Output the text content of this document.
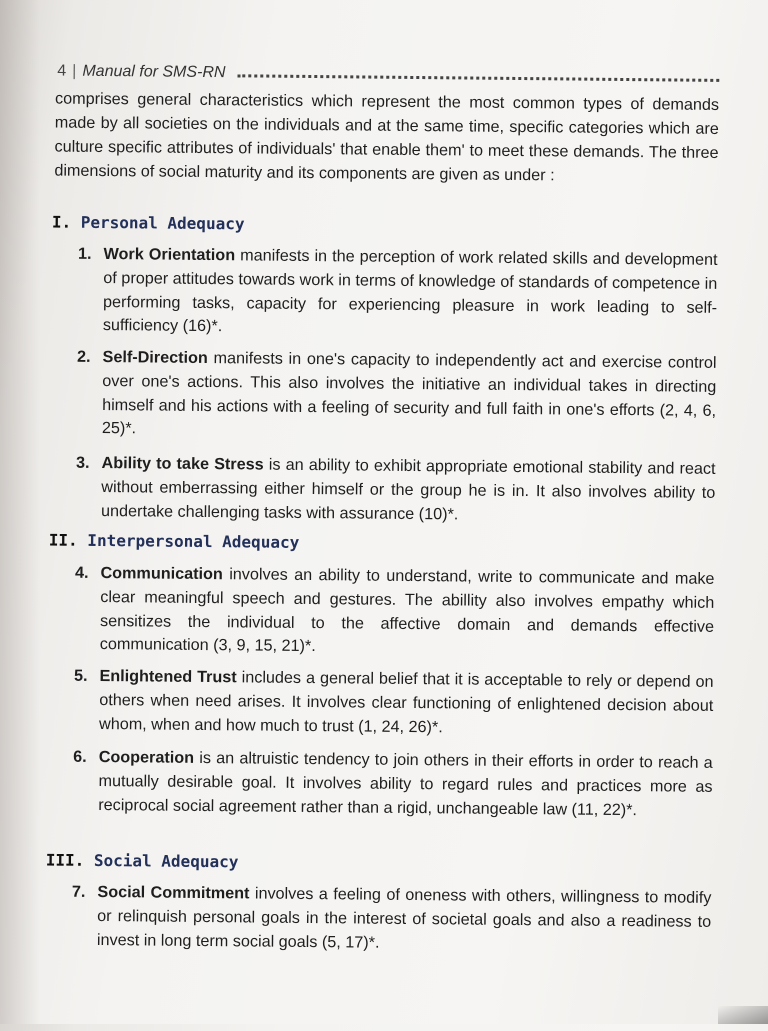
4 | Manual for SMS-RN

comprises general characteristics which represent the most common types of demands made by all societies on the individuals and at the same time, specific categories which are culture specific attributes of individuals' that enable them' to meet these demands. The three dimensions of social maturity and its components are given as under :

I. Personal Adequacy
1. Work Orientation manifests in the perception of work related skills and development of proper attitudes towards work in terms of knowledge of standards of competence in performing tasks, capacity for experiencing pleasure in work leading to self-sufficiency (16)*.
2. Self-Direction manifests in one's capacity to independently act and exercise control over one's actions. This also involves the initiative an individual takes in directing himself and his actions with a feeling of security and full faith in one's efforts (2, 4, 6, 25)*.
3. Ability to take Stress is an ability to exhibit appropriate emotional stability and react without emberrassing either himself or the group he is in. It also involves ability to undertake challenging tasks with assurance (10)*.
II. Interpersonal Adequacy
4. Communication involves an ability to understand, write to communicate and make clear meaningful speech and gestures. The abillity also involves empathy which sensitizes the individual to the affective domain and demands effective communication (3, 9, 15, 21)*.
5. Enlightened Trust includes a general belief that it is acceptable to rely or depend on others when need arises. It involves clear functioning of enlightened decision about whom, when and how much to trust (1, 24, 26)*.
6. Cooperation is an altruistic tendency to join others in their efforts in order to reach a mutually desirable goal. It involves ability to regard rules and practices more as reciprocal social agreement rather than a rigid, unchangeable law (11, 22)*.
III. Social Adequacy
7. Social Commitment involves a feeling of oneness with others, willingness to modify or relinquish personal goals in the interest of societal goals and also a readiness to invest in long term social goals (5, 17)*.
